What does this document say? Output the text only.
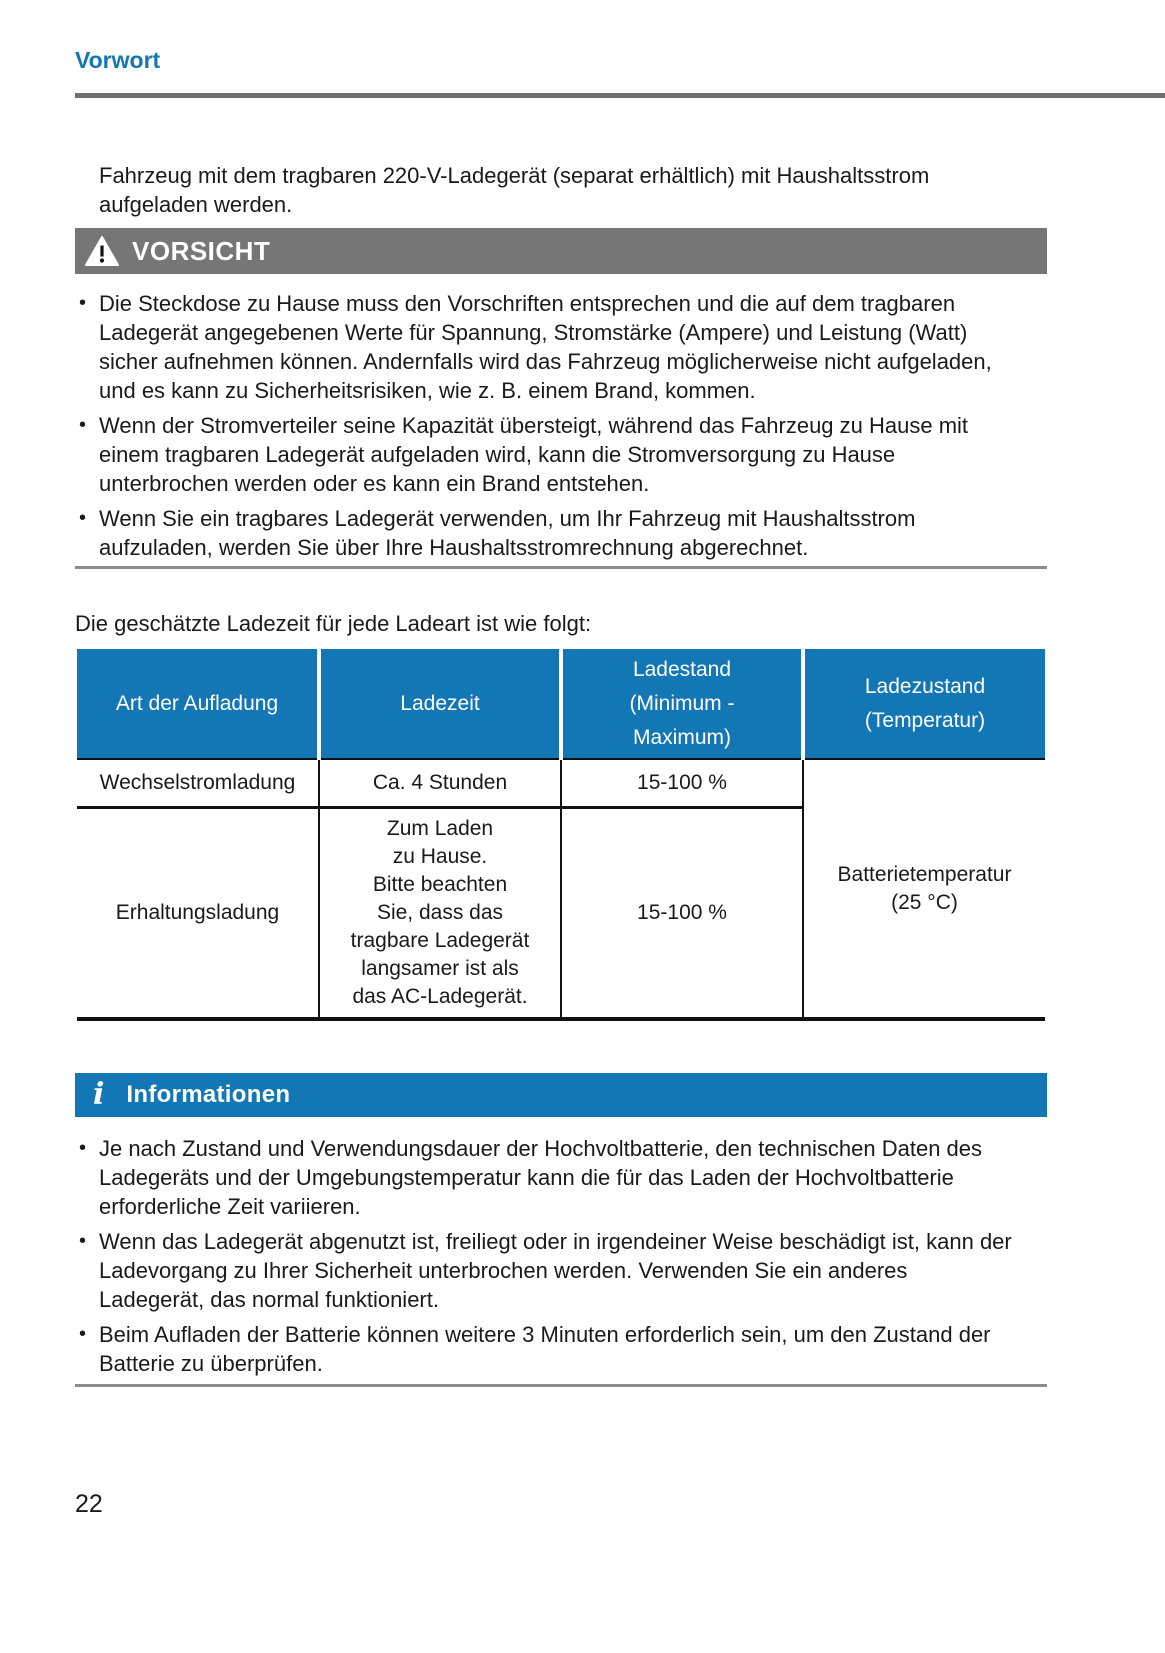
Vorwort

Fahrzeug mit dem tragbaren 220-V-Ladegerät (separat erhältlich) mit Haushaltsstrom aufgeladen werden.

VORSICHT
• Die Steckdose zu Hause muss den Vorschriften entsprechen und die auf dem tragbaren Ladegerät angegebenen Werte für Spannung, Stromstärke (Ampere) und Leistung (Watt) sicher aufnehmen können. Andernfalls wird das Fahrzeug möglicherweise nicht aufgeladen, und es kann zu Sicherheitsrisiken, wie z. B. einem Brand, kommen.
• Wenn der Stromverteiler seine Kapazität übersteigt, während das Fahrzeug zu Hause mit einem tragbaren Ladegerät aufgeladen wird, kann die Stromversorgung zu Hause unterbrochen werden oder es kann ein Brand entstehen.
• Wenn Sie ein tragbares Ladegerät verwenden, um Ihr Fahrzeug mit Haushaltsstrom aufzuladen, werden Sie über Ihre Haushaltsstromrechnung abgerechnet.

Die geschätzte Ladezeit für jede Ladeart ist wie folgt:

Art der Aufladung	Ladezeit	Ladestand
(Minimum -
Maximum)	Ladezustand
(Temperatur)
Wechselstromladung	Ca. 4 Stunden	15-100 %	Batterietemperatur
(25 °C)
Erhaltungsladung	Zum Laden
zu Hause.
Bitte beachten
Sie, dass das
tragbare Ladegerät
langsamer ist als
das AC-Ladegerät.	15-100 %
i Informationen
• Je nach Zustand und Verwendungsdauer der Hochvoltbatterie, den technischen Daten des Ladegeräts und der Umgebungstemperatur kann die für das Laden der Hochvoltbatterie erforderliche Zeit variieren.
• Wenn das Ladegerät abgenutzt ist, freiliegt oder in irgendeiner Weise beschädigt ist, kann der Ladevorgang zu Ihrer Sicherheit unterbrochen werden. Verwenden Sie ein anderes Ladegerät, das normal funktioniert.
• Beim Aufladen der Batterie können weitere 3 Minuten erforderlich sein, um den Zustand der Batterie zu überprüfen.
22
